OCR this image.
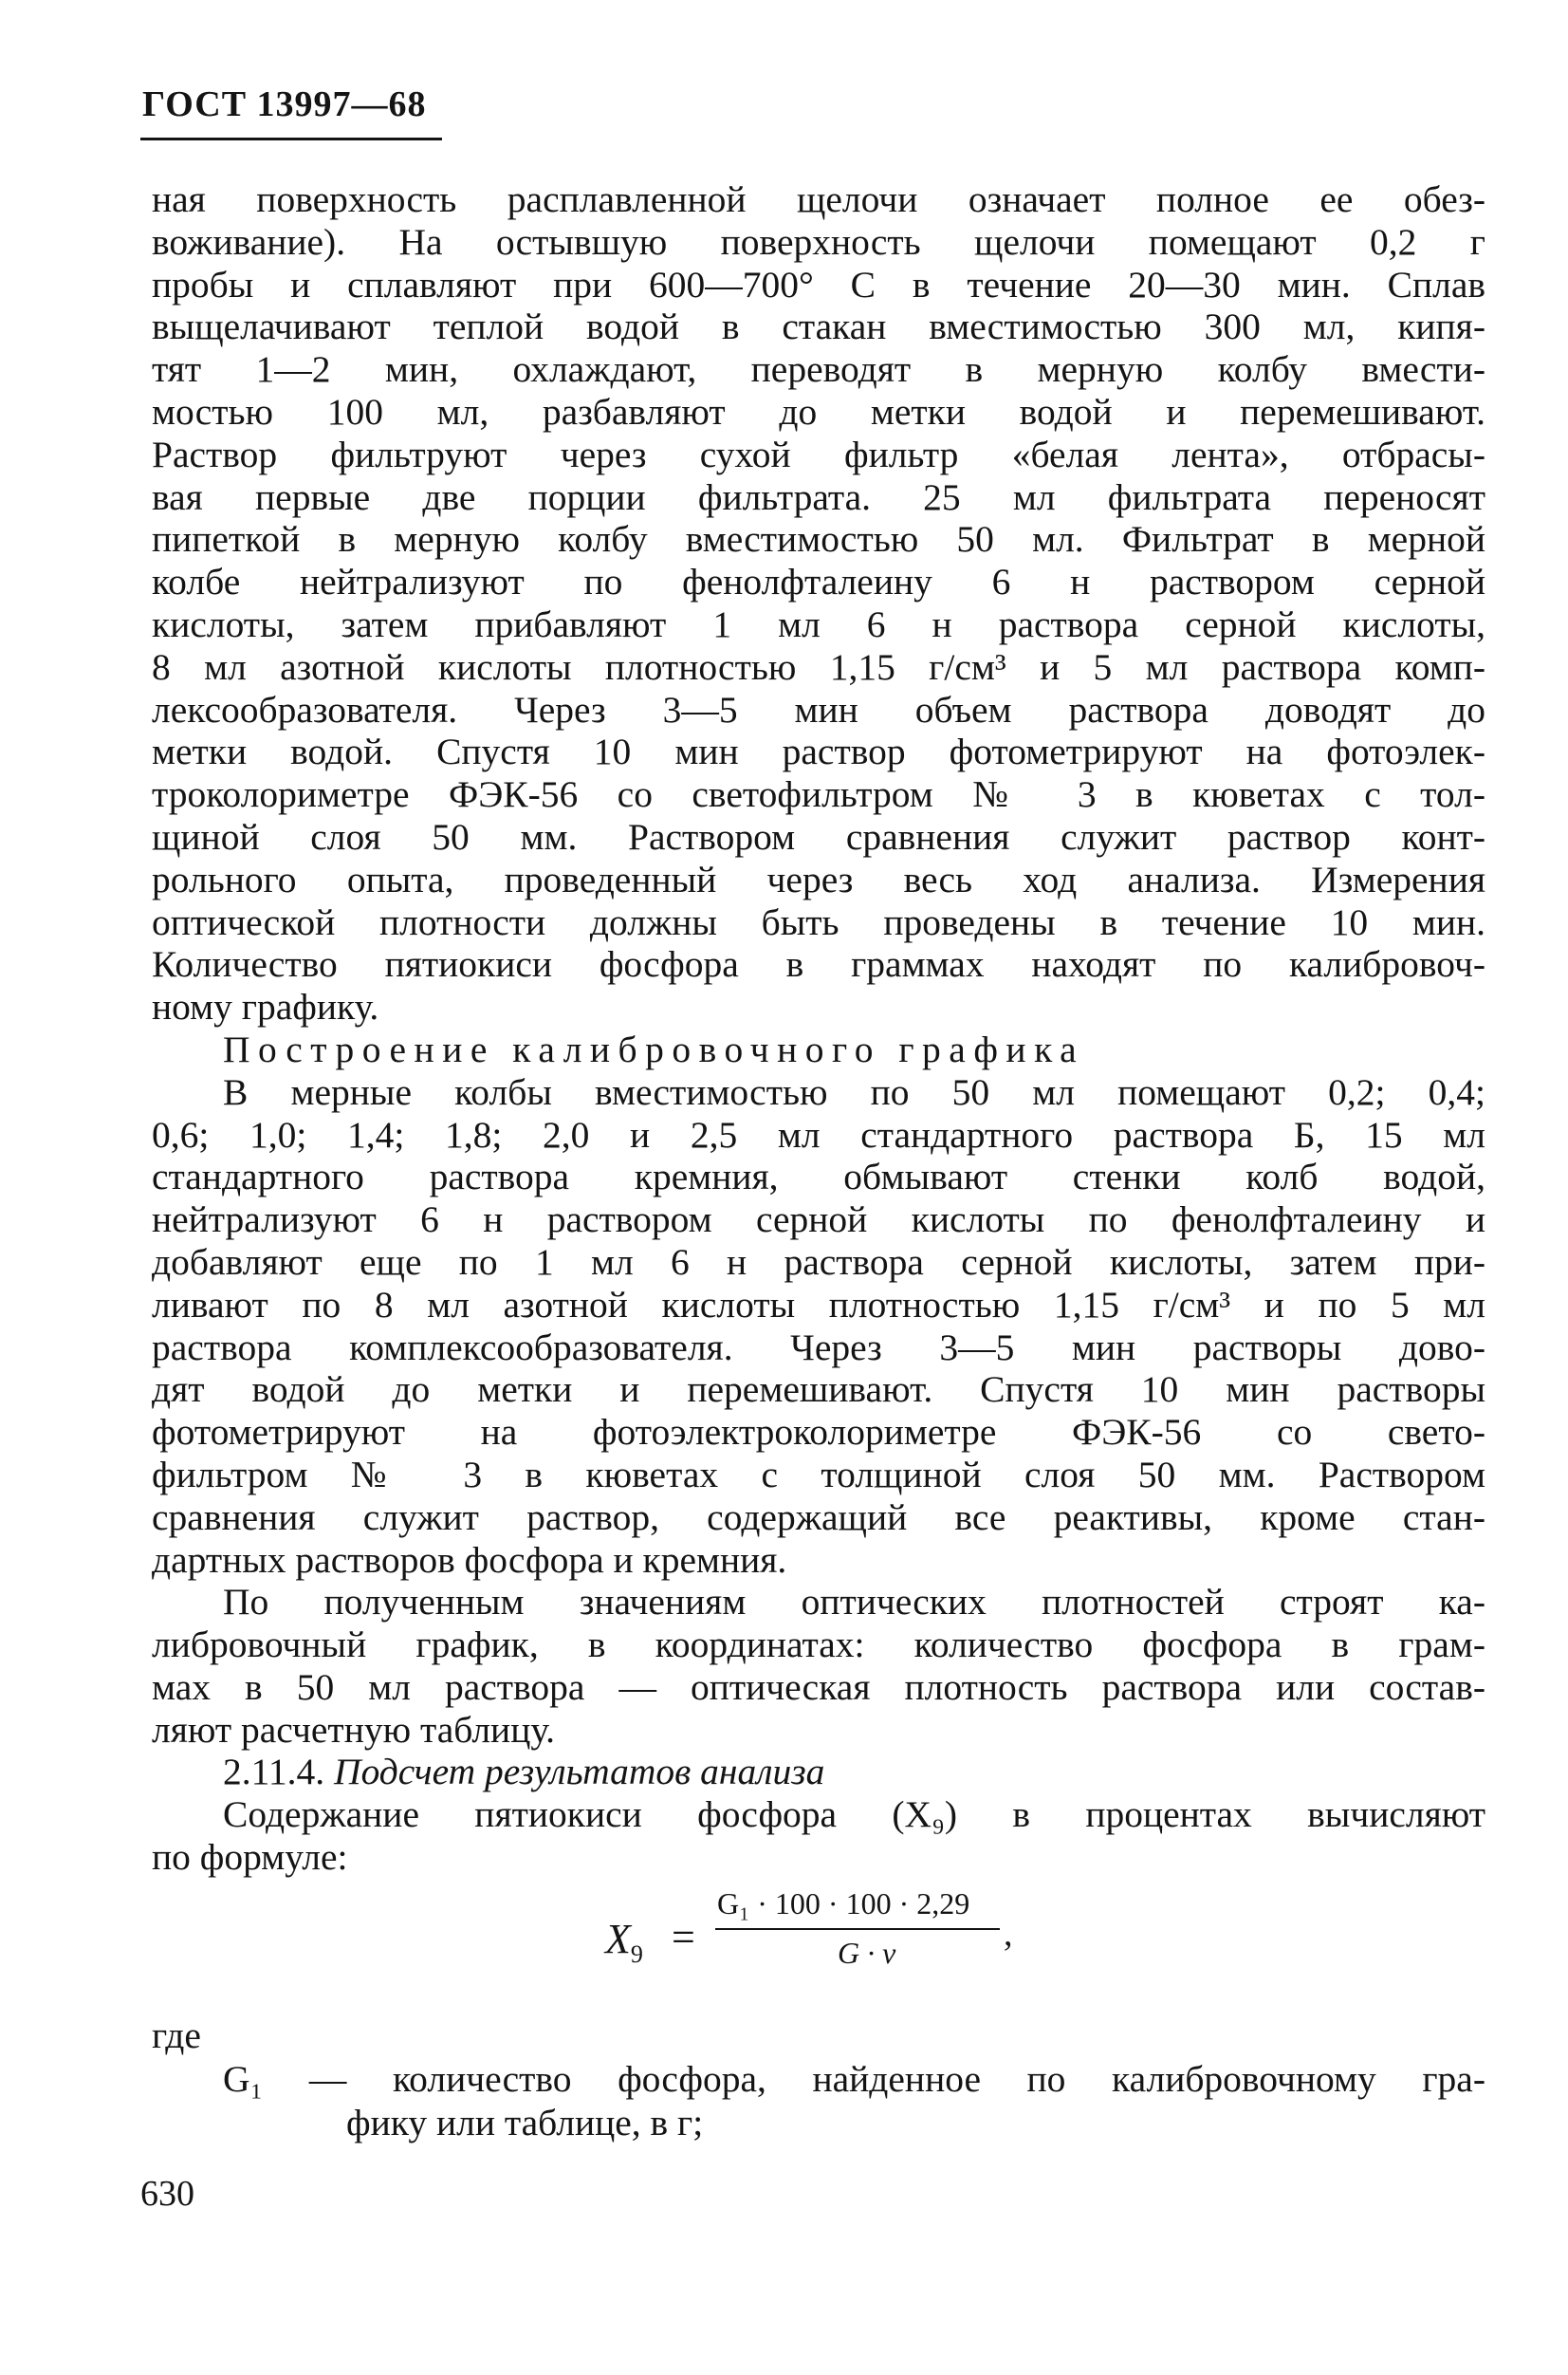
ГОСТ 13997—68
ная поверхность расплавленной щелочи означает полное ее обез-
воживание). На остывшую поверхность щелочи помещают 0,2 г
пробы и сплавляют при 600—700° С в течение 20—30 мин. Сплав
выщелачивают теплой водой в стакан вместимостью 300 мл, кипя-
тят 1—2 мин, охлаждают, переводят в мерную колбу вмести-
мостью 100 мл, разбавляют до метки водой и перемешивают.
Раствор фильтруют через сухой фильтр «белая лента», отбрасы-
вая первые две порции фильтрата. 25 мл фильтрата переносят
пипеткой в мерную колбу вместимостью 50 мл. Фильтрат в мерной
колбе нейтрализуют по фенолфталеину 6 н раствором серной
кислоты, затем прибавляют 1 мл 6 н раствора серной кислоты,
8 мл азотной кислоты плотностью 1,15 г/см³ и 5 мл раствора комп-
лексообразователя. Через 3—5 мин объем раствора доводят до
метки водой. Спустя 10 мин раствор фотометрируют на фотоэлек-
троколориметре ФЭК-56 со светофильтром № 3 в кюветах с тол-
щиной слоя 50 мм. Раствором сравнения служит раствор конт-
рольного опыта, проведенный через весь ход анализа. Измерения
оптической плотности должны быть проведены в течение 10 мин.
Количество пятиокиси фосфора в граммах находят по калибровоч-
ному графику.
Построение калибровочного графика
В мерные колбы вместимостью по 50 мл помещают 0,2; 0,4;
0,6; 1,0; 1,4; 1,8; 2,0 и 2,5 мл стандартного раствора Б, 15 мл
стандартного раствора кремния, обмывают стенки колб водой,
нейтрализуют 6 н раствором серной кислоты по фенолфталеину и
добавляют еще по 1 мл 6 н раствора серной кислоты, затем при-
ливают по 8 мл азотной кислоты плотностью 1,15 г/см³ и по 5 мл
раствора комплексообразователя. Через 3—5 мин растворы дово-
дят водой до метки и перемешивают. Спустя 10 мин растворы
фотометрируют на фотоэлектроколориметре ФЭК-56 со свето-
фильтром № 3 в кюветах с толщиной слоя 50 мм. Раствором
сравнения служит раствор, содержащий все реактивы, кроме стан-
дартных растворов фосфора и кремния.
По полученным значениям оптических плотностей строят ка-
либровочный график, в координатах: количество фосфора в грам-
мах в 50 мл раствора — оптическая плотность раствора или состав-
ляют расчетную таблицу.
2.11.4. Подсчет результатов анализа
Содержание пятиокиси фосфора (X₉) в процентах вычисляют
по формуле:
$X_9$ =
G₁ · 100 · 100 · 2,29
G · v	,
где
G₁ — количество фосфора, найденное по калибровочному гра-
фику или таблице, в г;
630
